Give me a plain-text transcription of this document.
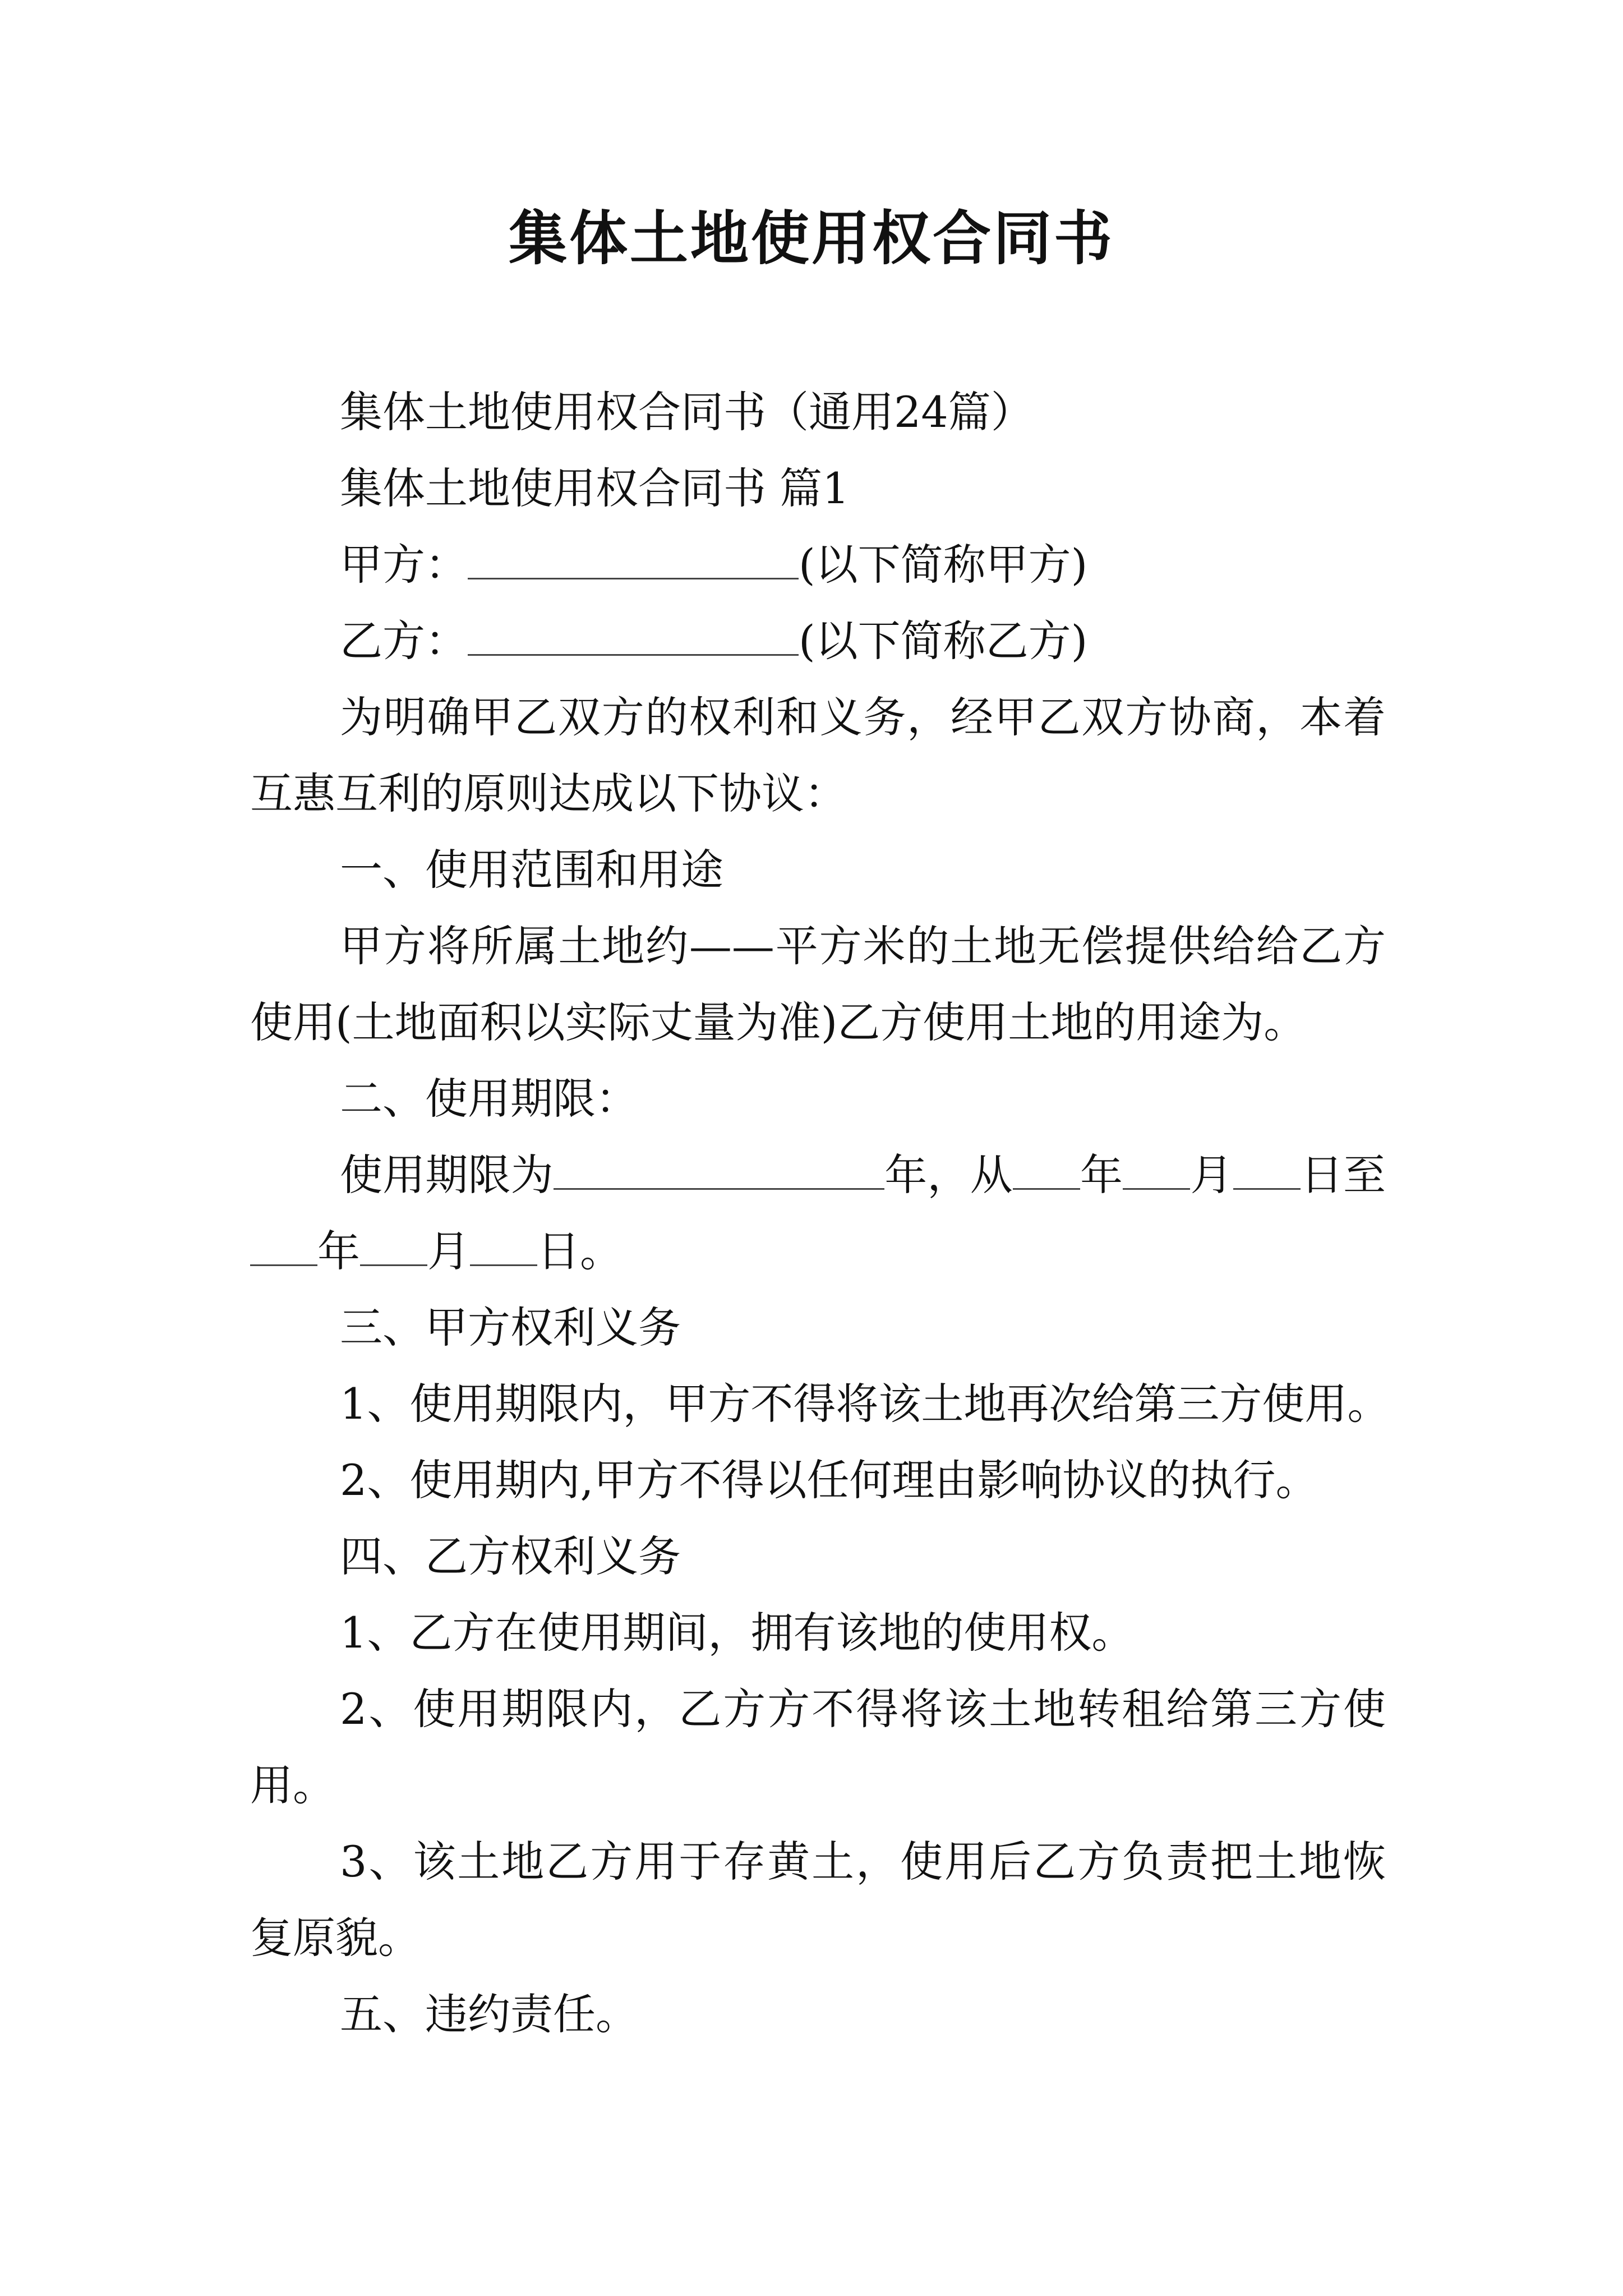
集体土地使用权合同书

集体土地使用权合同书（通用24篇）

集体土地使用权合同书 篇1

甲方：	(以下简称甲方)

乙方：	(以下简称乙方)

为明确甲乙双方的权利和义务，经甲乙双方协商，本着互惠互利的原则达成以下协议：

一、使用范围和用途

甲方将所属土地约——平方米的土地无偿提供给给乙方使用(土地面积以实际丈量为准)乙方使用土地的用途为。

二、使用期限：

使用期限为	年，从 年 月 日至年 月 日。

三、甲方权利义务

1、使用期限内，甲方不得将该土地再次给第三方使用。

2、使用期内,甲方不得以任何理由影响协议的执行。

四、乙方权利义务

1、乙方在使用期间，拥有该地的使用权。

2、使用期限内，乙方方不得将该土地转租给第三方使用。

3、该土地乙方用于存黄土，使用后乙方负责把土地恢复原貌。

五、违约责任。
